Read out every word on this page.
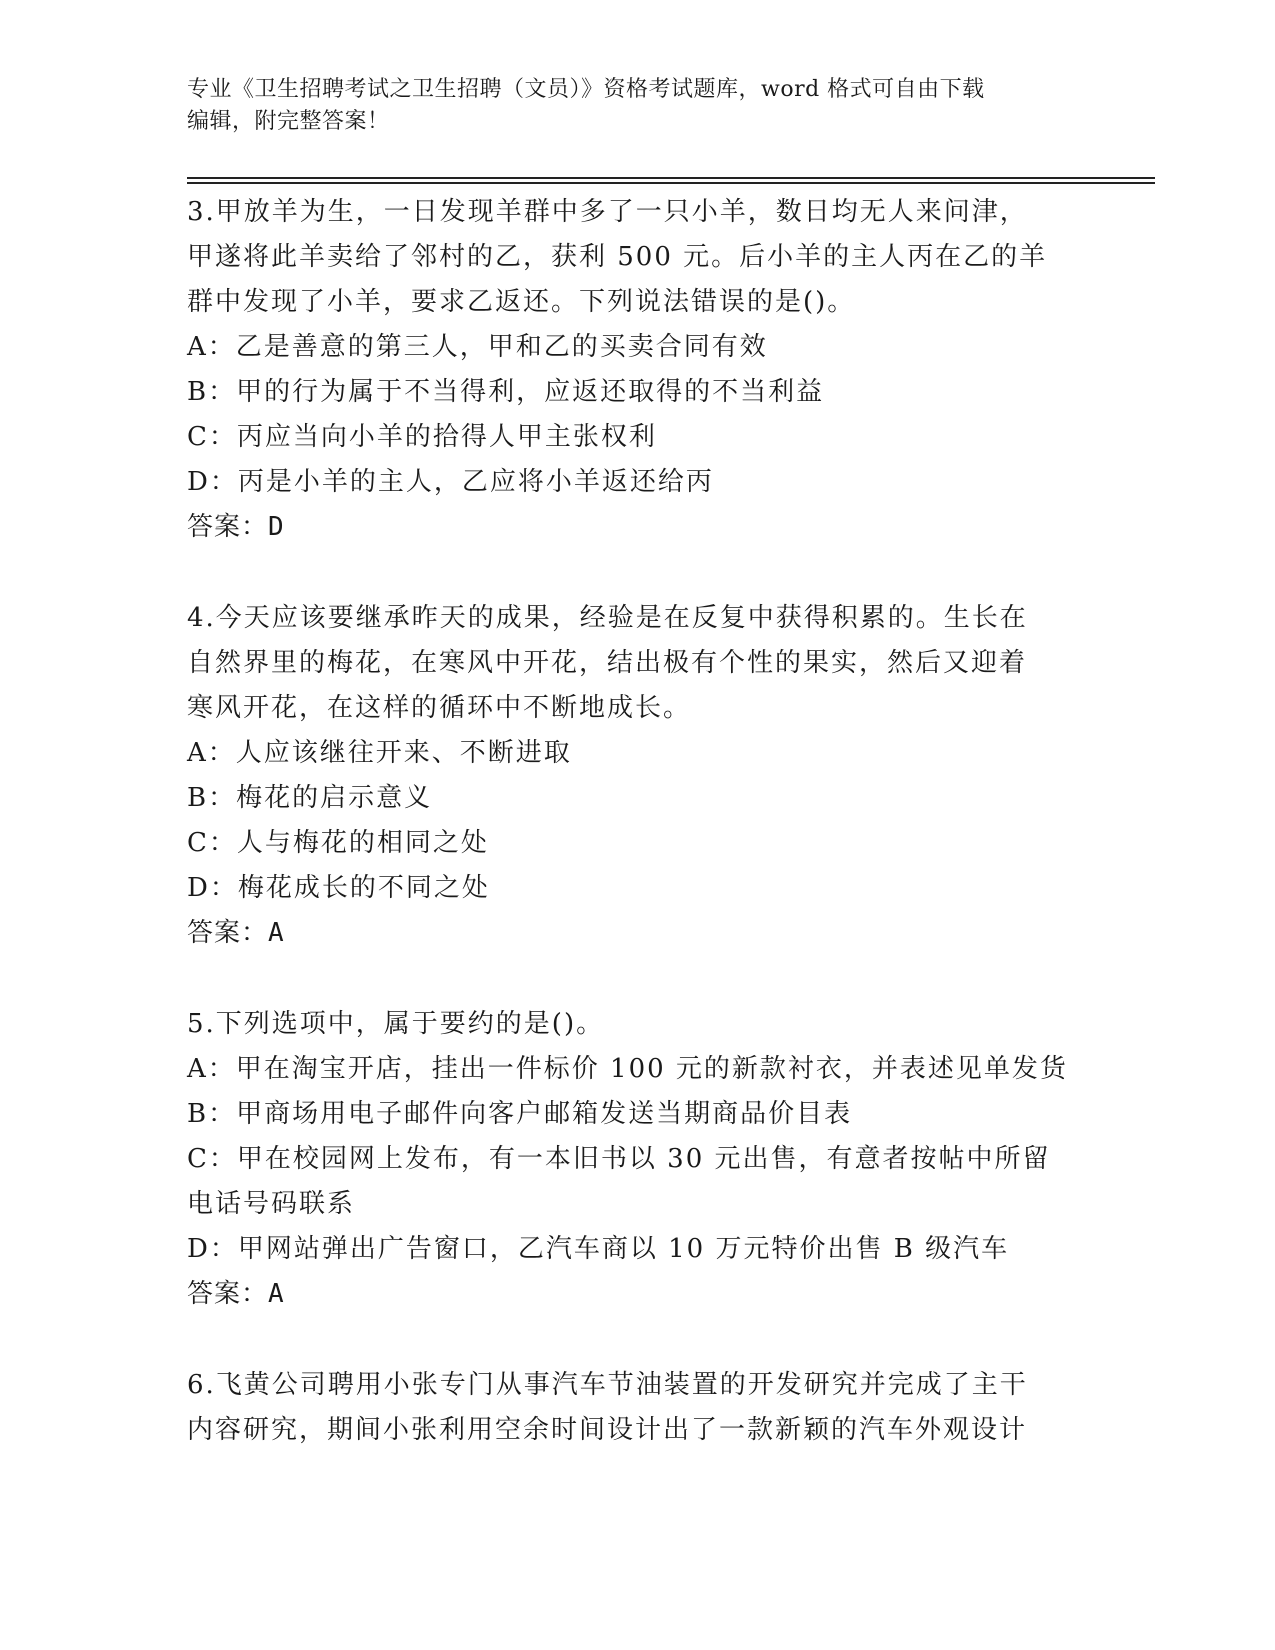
专业《卫生招聘考试之卫生招聘（文员）》资格考试题库，word 格式可自由下载
编辑，附完整答案！
3.甲放羊为生，一日发现羊群中多了一只小羊，数日均无人来问津，
甲遂将此羊卖给了邻村的乙，获利 500 元。后小羊的主人丙在乙的羊
群中发现了小羊，要求乙返还。下列说法错误的是()。
A：乙是善意的第三人，甲和乙的买卖合同有效
B：甲的行为属于不当得利，应返还取得的不当利益
C：丙应当向小羊的拾得人甲主张权利
D：丙是小羊的主人，乙应将小羊返还给丙
答案：D
4.今天应该要继承昨天的成果，经验是在反复中获得积累的。生长在
自然界里的梅花，在寒风中开花，结出极有个性的果实，然后又迎着
寒风开花，在这样的循环中不断地成长。
A：人应该继往开来、不断进取
B：梅花的启示意义
C：人与梅花的相同之处
D：梅花成长的不同之处
答案：A
5.下列选项中，属于要约的是()。
A：甲在淘宝开店，挂出一件标价 100 元的新款衬衣，并表述见单发货
B：甲商场用电子邮件向客户邮箱发送当期商品价目表
C：甲在校园网上发布，有一本旧书以 30 元出售，有意者按帖中所留
电话号码联系
D：甲网站弹出广告窗口，乙汽车商以 10 万元特价出售 B 级汽车
答案：A
6.飞黄公司聘用小张专门从事汽车节油装置的开发研究并完成了主干
内容研究，期间小张利用空余时间设计出了一款新颖的汽车外观设计
